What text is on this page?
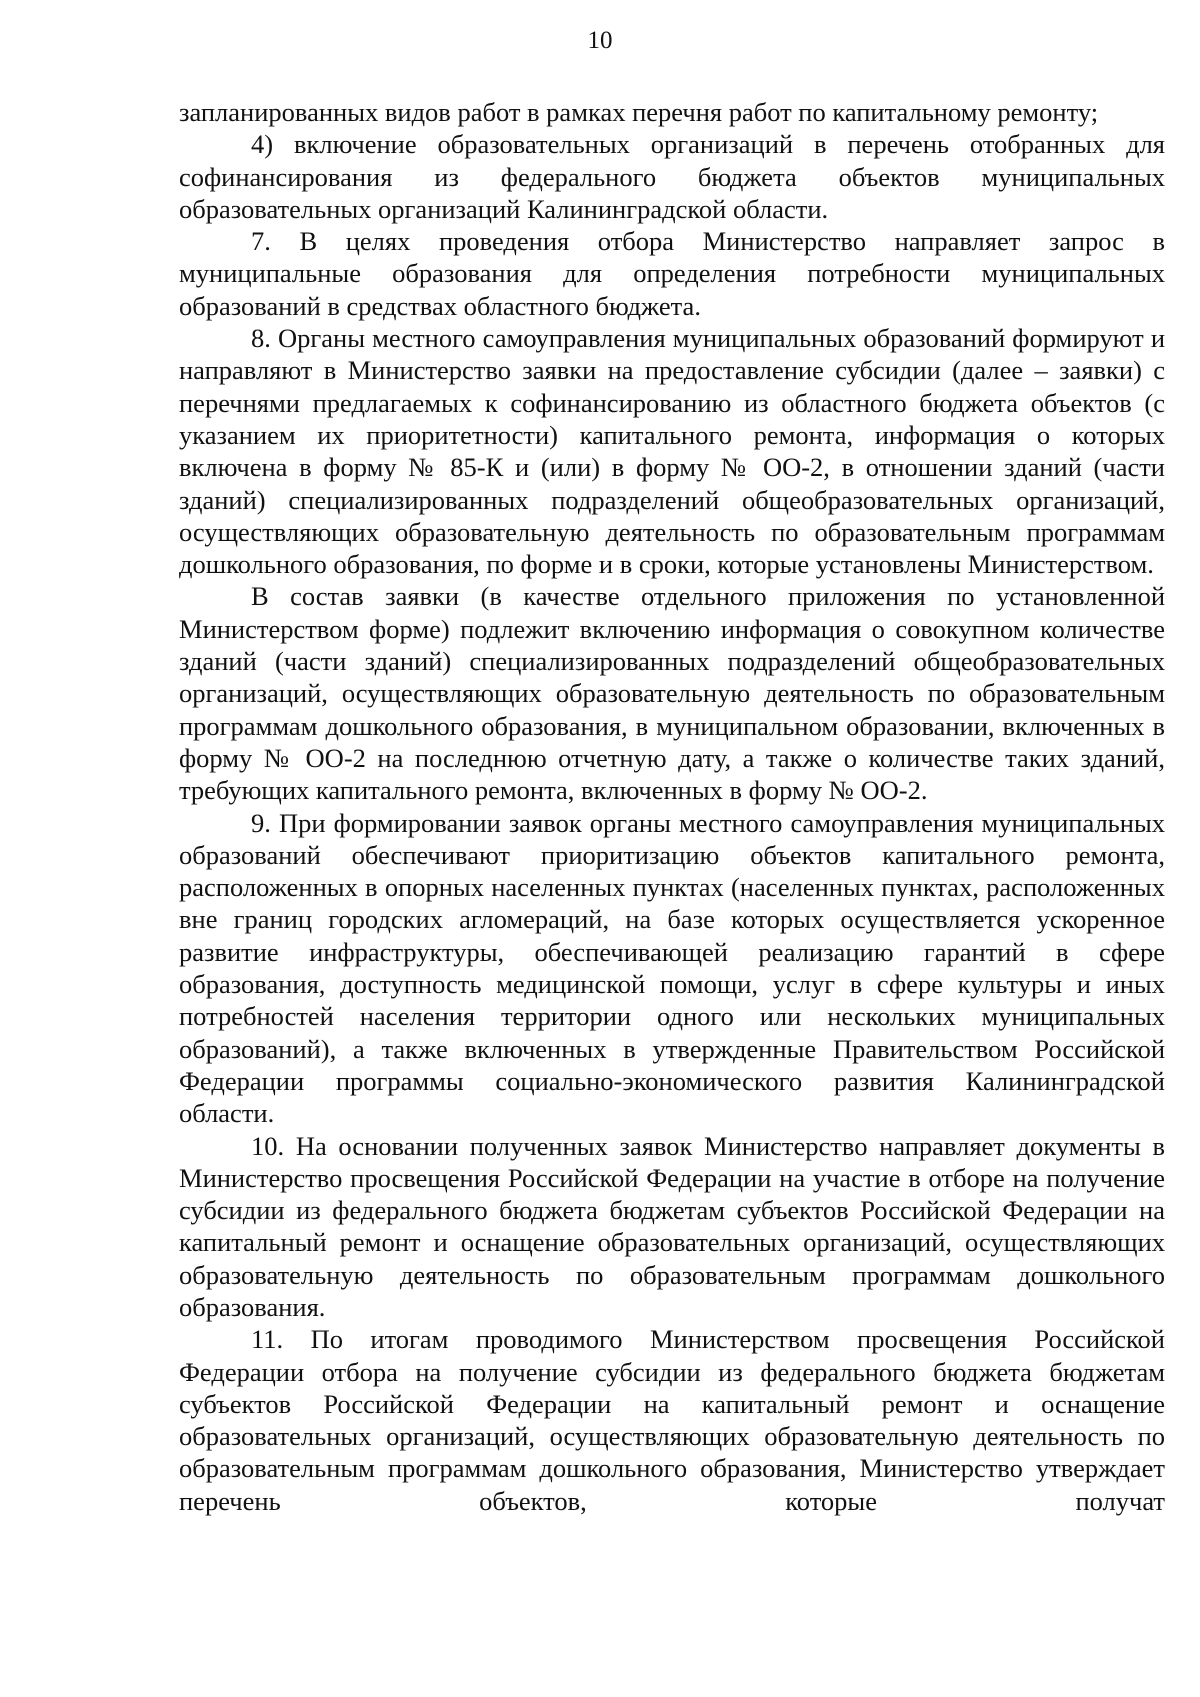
10

запланированных видов работ в рамках перечня работ по капитальному ремонту;

4) включение образовательных организаций в перечень отобранных для софинансирования из федерального бюджета объектов муниципальных образовательных организаций Калининградской области.

7. В целях проведения отбора Министерство направляет запрос в муниципальные образования для определения потребности муниципальных образований в средствах областного бюджета.

8. Органы местного самоуправления муниципальных образований формируют и направляют в Министерство заявки на предоставление субсидии (далее – заявки) с перечнями предлагаемых к софинансированию из областного бюджета объектов (с указанием их приоритетности) капитального ремонта, информация о которых включена в форму № 85-К и (или) в форму № ОО-2, в отношении зданий (части зданий) специализированных подразделений общеобразовательных организаций, осуществляющих образовательную деятельность по образовательным программам дошкольного образования, по форме и в сроки, которые установлены Министерством.

В состав заявки (в качестве отдельного приложения по установленной Министерством форме) подлежит включению информация о совокупном количестве зданий (части зданий) специализированных подразделений общеобразовательных организаций, осуществляющих образовательную деятельность по образовательным программам дошкольного образования, в муниципальном образовании, включенных в форму № ОО-2 на последнюю отчетную дату, а также о количестве таких зданий, требующих капитального ремонта, включенных в форму № ОО-2.

9. При формировании заявок органы местного самоуправления муниципальных образований обеспечивают приоритизацию объектов капитального ремонта, расположенных в опорных населенных пунктах (населенных пунктах, расположенных вне границ городских агломераций, на базе которых осуществляется ускоренное развитие инфраструктуры, обеспечивающей реализацию гарантий в сфере образования, доступность медицинской помощи, услуг в сфере культуры и иных потребностей населения территории одного или нескольких муниципальных образований), а также включенных в утвержденные Правительством Российской Федерации программы социально-экономического развития Калининградской области.

10. На основании полученных заявок Министерство направляет документы в Министерство просвещения Российской Федерации на участие в отборе на получение субсидии из федерального бюджета бюджетам субъектов Российской Федерации на капитальный ремонт и оснащение образовательных организаций, осуществляющих образовательную деятельность по образовательным программам дошкольного образования.

11. По итогам проводимого Министерством просвещения Российской Федерации отбора на получение субсидии из федерального бюджета бюджетам субъектов Российской Федерации на капитальный ремонт и оснащение образовательных организаций, осуществляющих образовательную деятельность по образовательным программам дошкольного образования, Министерство утверждает перечень объектов, которые получат
